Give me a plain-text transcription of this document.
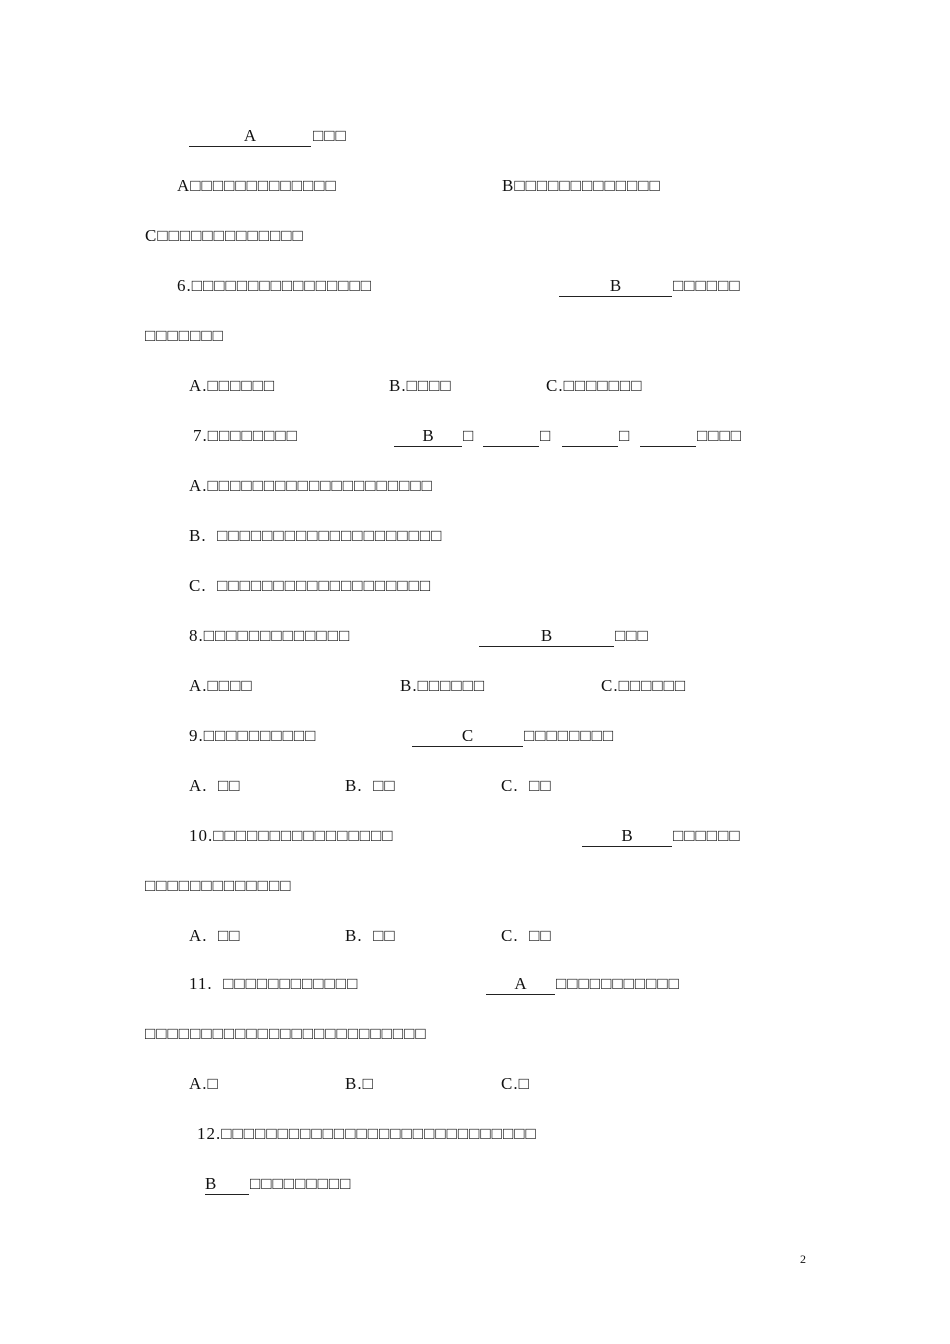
A	□□□
A□□□□□□□□□□□□□	B□□□□□□□□□□□□□
C□□□□□□□□□□□□□
6.□□□□□□□□□□□□□□□□	B	□□□□□□
□□□□□□□
A.□□□□□□	B.□□□□	C.□□□□□□□
7.□□□□□□□□	B	□	□	□	□□□□
A.□□□□□□□□□□□□□□□□□□□□
B.  □□□□□□□□□□□□□□□□□□□□
C.  □□□□□□□□□□□□□□□□□□□
8.□□□□□□□□□□□□□	B	□□□
A.□□□□	B.□□□□□□	C.□□□□□□
9.□□□□□□□□□□	C	□□□□□□□□
A.  □□	B.  □□	C.  □□
10.□□□□□□□□□□□□□□□□	B	□□□□□□
□□□□□□□□□□□□□
A.  □□	B.  □□	C.  □□
11.  □□□□□□□□□□□□	A	□□□□□□□□□□□
□□□□□□□□□□□□□□□□□□□□□□□□□
A.□	B.□	C.□
12.□□□□□□□□□□□□□□□□□□□□□□□□□□□□
B	□□□□□□□□□
2
